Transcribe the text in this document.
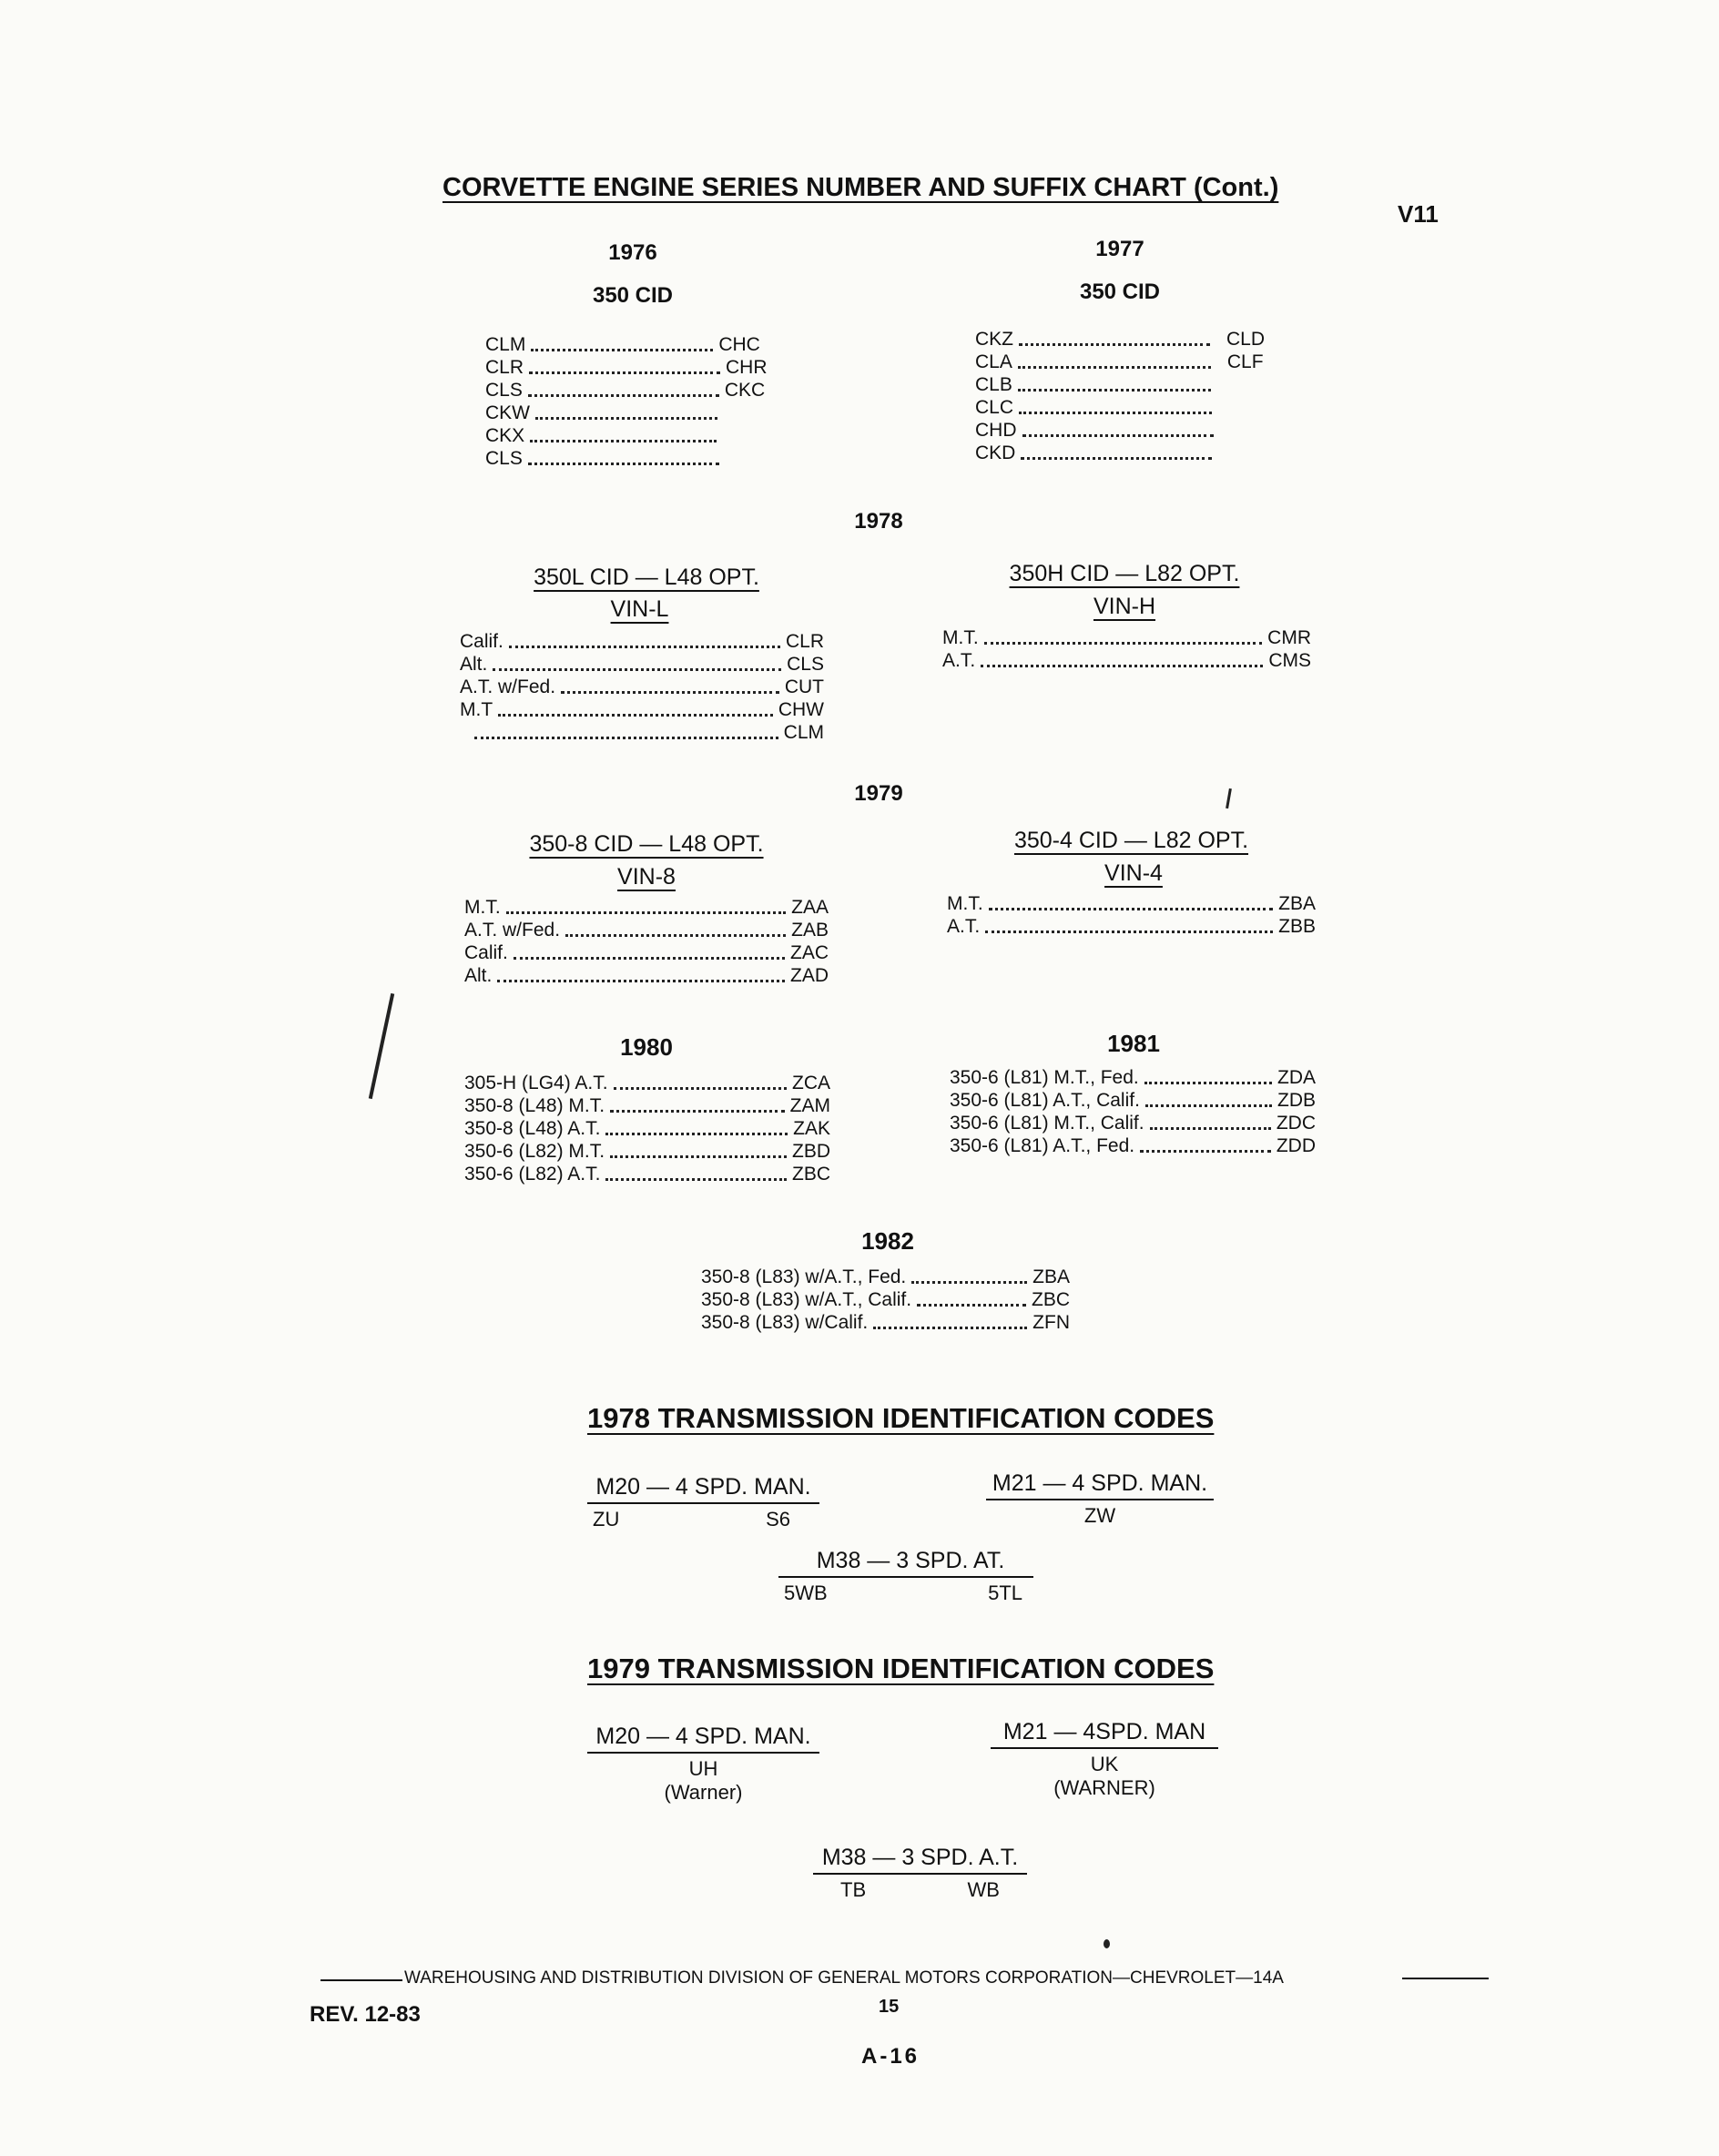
CORVETTE ENGINE SERIES NUMBER AND SUFFIX CHART (Cont.)
V11
1976
350 CID
CLM	CHC
CLR	CHR
CLS	CKC
CKW
CKX
CLS
1977
350 CID
CKZ	CLD
CLA	CLF
CLB
CLC
CHD
CKD
1978
350L CID — L48 OPT.
VIN-L
Calif.	CLR
Alt.	CLS
A.T. w/Fed.	CUT
M.T	CHW
CLM
350H CID — L82 OPT.
VIN-H
M.T.	CMR
A.T.	CMS
1979
350-8 CID — L48 OPT.
VIN-8
M.T.	ZAA
A.T. w/Fed.	ZAB
Calif.	ZAC
Alt.	ZAD
350-4 CID — L82 OPT.
VIN-4
M.T.	ZBA
A.T.	ZBB
1980
305-H (LG4) A.T.	ZCA
350-8 (L48) M.T.	ZAM
350-8 (L48) A.T.	ZAK
350-6 (L82) M.T.	ZBD
350-6 (L82) A.T.	ZBC
1981
350-6 (L81) M.T., Fed.	ZDA
350-6 (L81) A.T., Calif.	ZDB
350-6 (L81) M.T., Calif.	ZDC
350-6 (L81) A.T., Fed.	ZDD
1982
350-8 (L83) w/A.T., Fed.	ZBA
350-8 (L83) w/A.T., Calif.	ZBC
350-8 (L83) w/Calif.	ZFN
1978 TRANSMISSION IDENTIFICATION CODES
M20 — 4 SPD. MAN.
ZU	S6
M21 — 4 SPD. MAN.
ZW
M38 — 3 SPD. AT.
5WB	5TL
1979 TRANSMISSION IDENTIFICATION CODES
M20 — 4 SPD. MAN.
UH
(Warner)
M21 — 4SPD. MAN
UK
(WARNER)
M38 — 3 SPD. A.T.
TB	WB
WAREHOUSING AND DISTRIBUTION DIVISION OF GENERAL MOTORS CORPORATION—CHEVROLET—14A
REV. 12-83	15
A-16
